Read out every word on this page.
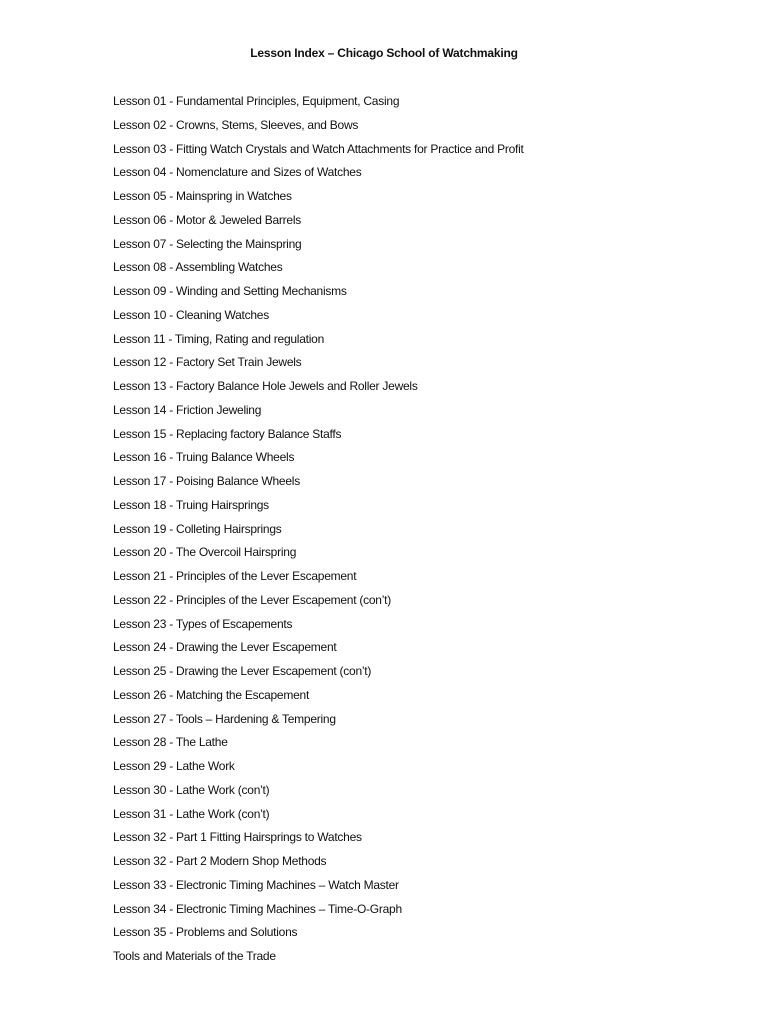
Lesson Index – Chicago School of Watchmaking
Lesson 01 - Fundamental Principles, Equipment, Casing
Lesson 02 - Crowns, Stems, Sleeves, and Bows
Lesson 03 - Fitting Watch Crystals and Watch Attachments for Practice and Profit
Lesson 04 - Nomenclature and Sizes of Watches
Lesson 05 - Mainspring in Watches
Lesson 06 - Motor & Jeweled Barrels
Lesson 07 - Selecting the Mainspring
Lesson 08 - Assembling Watches
Lesson 09 - Winding and Setting Mechanisms
Lesson 10 - Cleaning Watches
Lesson 11 - Timing, Rating and regulation
Lesson 12 - Factory Set Train Jewels
Lesson 13 - Factory Balance Hole Jewels and Roller Jewels
Lesson 14 - Friction Jeweling
Lesson 15 - Replacing factory Balance Staffs
Lesson 16 - Truing Balance Wheels
Lesson 17 - Poising Balance Wheels
Lesson 18 - Truing Hairsprings
Lesson 19 - Colleting Hairsprings
Lesson 20 - The Overcoil Hairspring
Lesson 21 - Principles of the Lever Escapement
Lesson 22 - Principles of the Lever Escapement (con’t)
Lesson 23 - Types of Escapements
Lesson 24 - Drawing the Lever Escapement
Lesson 25 - Drawing the Lever Escapement (con’t)
Lesson 26 - Matching the Escapement
Lesson 27 - Tools – Hardening & Tempering
Lesson 28 - The Lathe
Lesson 29 - Lathe Work
Lesson 30 - Lathe Work (con’t)
Lesson 31 - Lathe Work (con’t)
Lesson 32 - Part 1 Fitting Hairsprings to Watches
Lesson 32 - Part 2 Modern Shop Methods
Lesson 33 - Electronic Timing Machines – Watch Master
Lesson 34 - Electronic Timing Machines – Time-O-Graph
Lesson 35 - Problems and Solutions
Tools and Materials of the Trade
